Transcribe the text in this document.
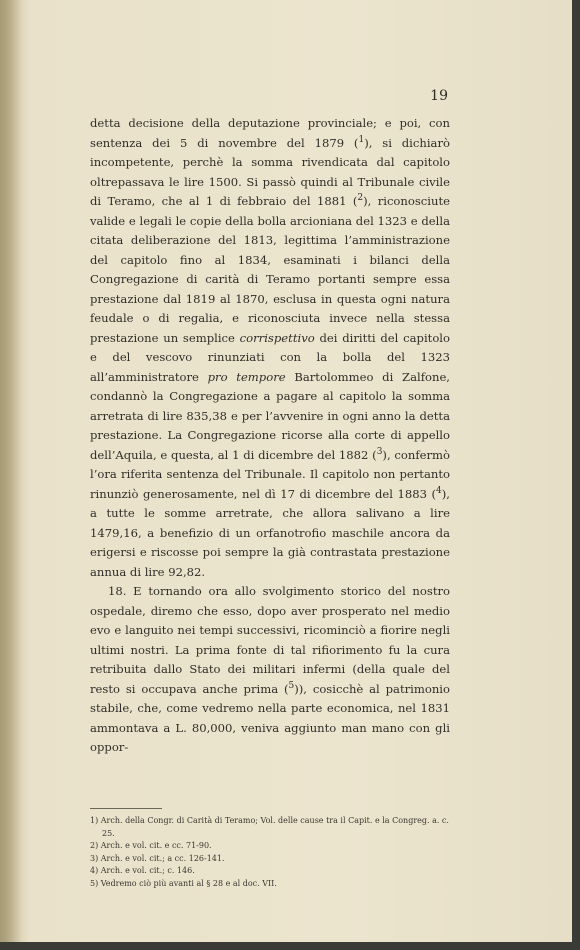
19

detta decisione della deputazione provinciale; e poi, con sentenza dei 5 di novembre del 1879 ($^1$), si dichiarò incompetente, perchè la somma rivendicata dal capitolo oltrepassava le lire 1500. Si passò quindi al Tribunale civile di Teramo, che al 1 di febbraio del 1881 ($^2$), riconosciute valide e legali le copie della bolla arcioniana del 1323 e della citata deliberazione del 1813, legittima l’amministrazione del capitolo fino al 1834, esaminati i bilanci della Congregazione di carità di Teramo portanti sempre essa prestazione dal 1819 al 1870, esclusa in questa ogni natura feudale o di regalia, e riconosciuta invece nella stessa prestazione un semplice corrispettivo dei diritti del capitolo e del vescovo rinunziati con la bolla del 1323 all’amministratore pro tempore Bartolommeo di Zalfone, condannò la Congregazione a pagare al capitolo la somma arretrata di lire 835,38 e per l’avvenire in ogni anno la detta prestazione. La Congregazione ricorse alla corte di appello dell’Aquila, e questa, al 1 di dicembre del 1882 ($^3$), confermò l’ora riferita sentenza del Tribunale. Il capitolo non pertanto rinunziò generosamente, nel dì 17 di dicembre del 1883 ($^4$), a tutte le somme arretrate, che allora salivano a lire 1479,16, a benefizio di un orfanotrofio maschile ancora da erigersi e riscosse poi sempre la già contrastata prestazione annua di lire 92,82.

18. E tornando ora allo svolgimento storico del nostro ospedale, diremo che esso, dopo aver prosperato nel medio evo e languito nei tempi successivi, ricominciò a fiorire negli ultimi nostri. La prima fonte di tal rifiorimento fu la cura retribuita dallo Stato dei militari infermi (della quale del resto si occupava anche prima ($^5$)), cosicchè al patrimonio stabile, che, come vedremo nella parte economica, nel 1831 ammontava a L. 80,000, veniva aggiunto man mano con gli oppor-

1) Arch. della Congr. di Carità di Teramo; Vol. delle cause tra il Capit. e la Congreg. a. c. 25.
2) Arch. e vol. cit. e cc. 71-90.
3) Arch. e vol. cit.; a cc. 126-141.
4) Arch. e vol. cit.; c. 146.
5) Vedremo ciò più avanti al § 28 e al doc. VII.
